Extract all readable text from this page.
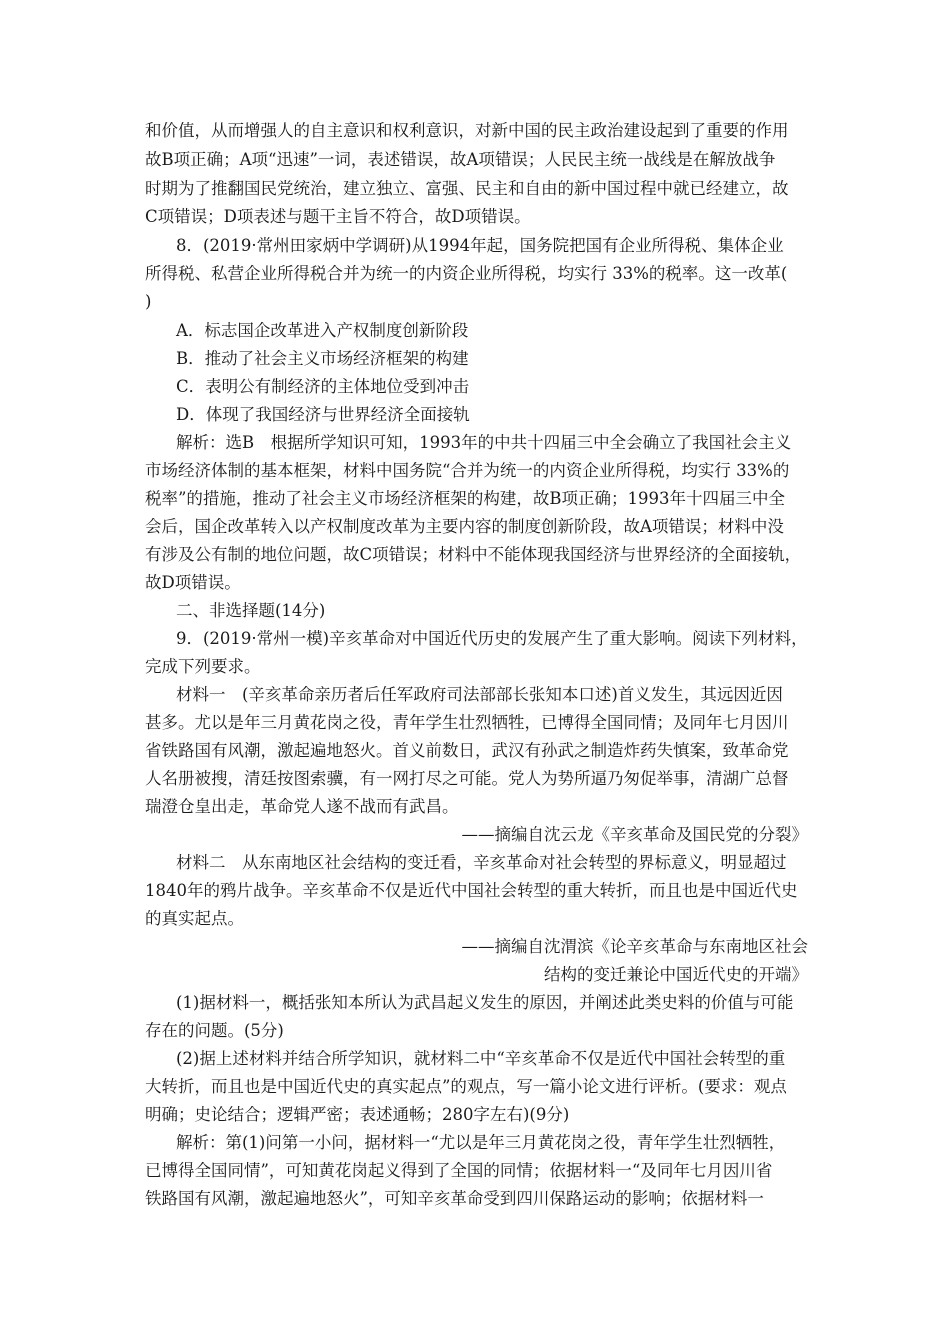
和价值，从而增强人的自主意识和权利意识，对新中国的民主政治建设起到了重要的作用
故B项正确；A项“迅速”一词，表述错误，故A项错误；人民民主统一战线是在解放战争
时期为了推翻国民党统治，建立独立、富强、民主和自由的新中国过程中就已经建立，故
C项错误；D项表述与题干主旨不符合，故D项错误。
8．(2019·常州田家炳中学调研)从1994年起，国务院把国有企业所得税、集体企业
所得税、私营企业所得税合并为统一的内资企业所得税，均实行 33%的税率。这一改革(
)
A．标志国企改革进入产权制度创新阶段
B．推动了社会主义市场经济框架的构建
C．表明公有制经济的主体地位受到冲击
D．体现了我国经济与世界经济全面接轨
解析：选B　根据所学知识可知，1993年的中共十四届三中全会确立了我国社会主义
市场经济体制的基本框架，材料中国务院“合并为统一的内资企业所得税，均实行 33%的
税率”的措施，推动了社会主义市场经济框架的构建，故B项正确；1993年十四届三中全
会后，国企改革转入以产权制度改革为主要内容的制度创新阶段，故A项错误；材料中没
有涉及公有制的地位问题，故C项错误；材料中不能体现我国经济与世界经济的全面接轨，
故D项错误。
二、非选择题(14分)
9．(2019·常州一模)辛亥革命对中国近代历史的发展产生了重大影响。阅读下列材料，
完成下列要求。
材料一　(辛亥革命亲历者后任军政府司法部部长张知本口述)首义发生，其远因近因
甚多。尤以是年三月黄花岗之役，青年学生壮烈牺牲，已博得全国同情；及同年七月因川
省铁路国有风潮，激起遍地怒火。首义前数日，武汉有孙武之制造炸药失慎案，致革命党
人名册被搜，清廷按图索骥，有一网打尽之可能。党人为势所逼乃匆促举事，清湖广总督
瑞澄仓皇出走，革命党人遂不战而有武昌。
——摘编自沈云龙《辛亥革命及国民党的分裂》
材料二　从东南地区社会结构的变迁看，辛亥革命对社会转型的界标意义，明显超过
1840年的鸦片战争。辛亥革命不仅是近代中国社会转型的重大转折，而且也是中国近代史
的真实起点。
——摘编自沈渭滨《论辛亥革命与东南地区社会
结构的变迁兼论中国近代史的开端》
(1)据材料一，概括张知本所认为武昌起义发生的原因，并阐述此类史料的价值与可能
存在的问题。(5分)
(2)据上述材料并结合所学知识，就材料二中“辛亥革命不仅是近代中国社会转型的重
大转折，而且也是中国近代史的真实起点”的观点，写一篇小论文进行评析。(要求：观点
明确；史论结合；逻辑严密；表述通畅；280字左右)(9分)
解析：第(1)问第一小问，据材料一“尤以是年三月黄花岗之役，青年学生壮烈牺牲，
已博得全国同情”，可知黄花岗起义得到了全国的同情；依据材料一“及同年七月因川省
铁路国有风潮，激起遍地怒火”，可知辛亥革命受到四川保路运动的影响；依据材料一
